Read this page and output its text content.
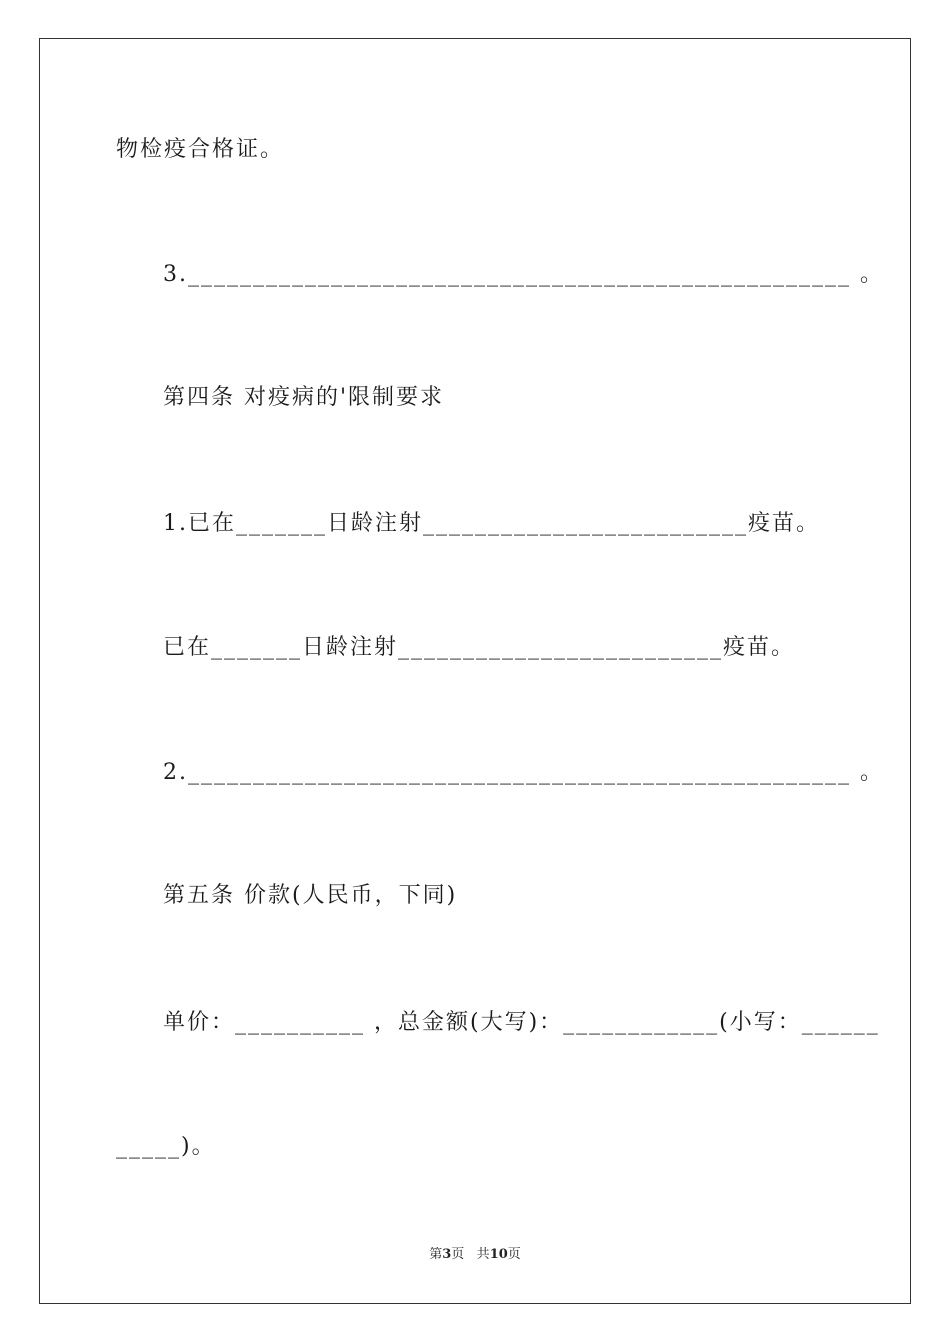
物检疫合格证。
3.___________________________________________________ 。
第四条 对疫病的'限制要求
1.已在_______日龄注射_________________________疫苗。
已在_______日龄注射_________________________疫苗。
2.___________________________________________________ 。
第五条 价款(人民币，下同)
单价：__________ ，总金额(大写)：____________(小写：______
_____)。
第3页 共10页
